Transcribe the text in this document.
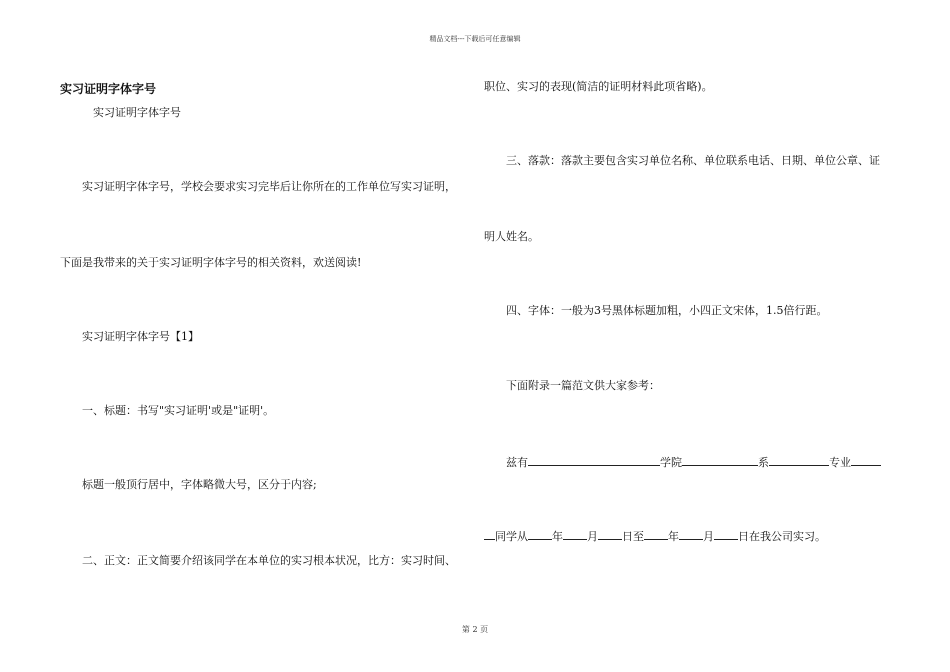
精品文档---下载后可任意编辑
实习证明字体字号
实习证明字体字号
实习证明字体字号，学校会要求实习完毕后让你所在的工作单位写实习证明，
下面是我带来的关于实习证明字体字号的相关资料，欢送阅读!
实习证明字体字号【1】
一、标题：书写"实习证明'或是"证明'。
标题一般顶行居中，字体略微大号，区分于内容;
二、正文：正文简要介绍该同学在本单位的实习根本状况，比方：实习时间、
职位、实习的表现(简洁的证明材料此项省略)。
三、落款：落款主要包含实习单位名称、单位联系电话、日期、单位公章、证
明人姓名。
四、字体：一般为3号黑体标题加粗，小四正文宋体，1.5倍行距。
下面附录一篇范文供大家参考：
兹有	学院	系	专业
同学从 年 月 日至 年 月 日在我公司实习。
第 2 页
